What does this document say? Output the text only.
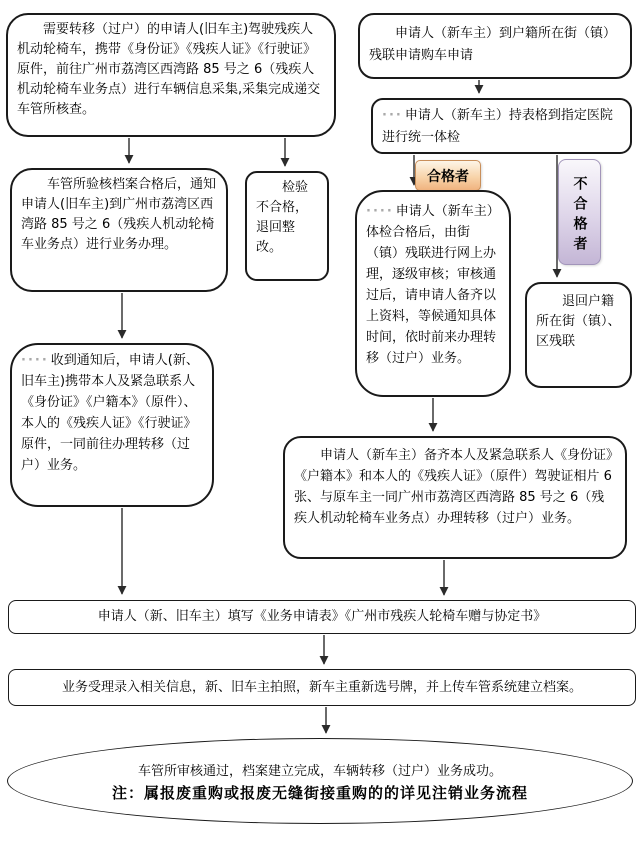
需要转移（过户）的申请人(旧车主)驾驶残疾人机动轮椅车，携带《身份证》《残疾人证》《行驶证》原件，前往广州市荔湾区西湾路 85 号之 6（残疾人机动轮椅车业务点）进行车辆信息采集,采集完成递交车管所核查。

车管所验核档案合格后，通知申请人(旧车主)到广州市荔湾区西湾路 85 号之 6（残疾人机动轮椅车业务点）进行业务办理。

检验不合格，退回整改。

···· 收到通知后，申请人(新、旧车主)携带本人及紧急联系人《身份证》《户籍本》（原件）、本人的《残疾人证》《行驶证》原件，一同前往办理转移（过户）业务。

申请人（新车主）到户籍所在街（镇）残联申请购车申请

··· 申请人（新车主）持表格到指定医院进行统一体检

合格者	不合格者

···· 申请人（新车主）体检合格后，由街（镇）残联进行网上办理，逐级审核；审核通过后，请申请人备齐以上资料，等候通知具体时间，依时前来办理转移（过户）业务。

退回户籍所在街（镇）、区残联

申请人（新车主）备齐本人及紧急联系人《身份证》《户籍本》和本人的《残疾人证》（原件）驾驶证相片 6 张、与原车主一同广州市荔湾区西湾路 85 号之 6（残疾人机动轮椅车业务点）办理转移（过户）业务。

申请人（新、旧车主）填写《业务申请表》《广州市残疾人轮椅车赠与协定书》

业务受理录入相关信息，新、旧车主拍照，新车主重新选号牌，并上传车管系统建立档案。

车管所审核通过，档案建立完成，车辆转移（过户）业务成功。

注：属报废重购或报废无缝街接重购的的详见注销业务流程
